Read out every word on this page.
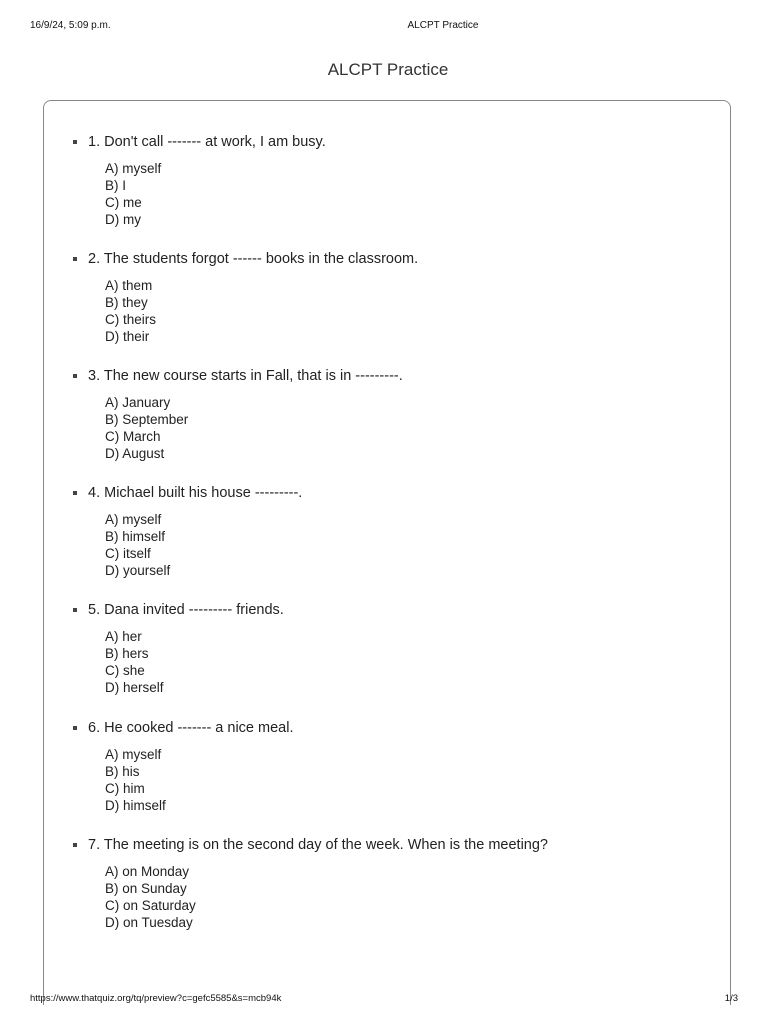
16/9/24, 5:09 p.m.	ALCPT Practice
ALCPT Practice
1. Don't call ------- at work, I am busy.
A) myself
B) I
C) me
D) my
2. The students forgot ------ books in the classroom.
A) them
B) they
C) theirs
D) their
3. The new course starts in Fall, that is in ---------.
A) January
B) September
C) March
D) August
4. Michael built his house ---------.
A) myself
B) himself
C) itself
D) yourself
5. Dana invited --------- friends.
A) her
B) hers
C) she
D) herself
6. He cooked ------- a nice meal.
A) myself
B) his
C) him
D) himself
7. The meeting is on the second day of the week. When is the meeting?
A) on Monday
B) on Sunday
C) on Saturday
D) on Tuesday
https://www.thatquiz.org/tq/preview?c=gefc5585&s=mcb94k	1/3
